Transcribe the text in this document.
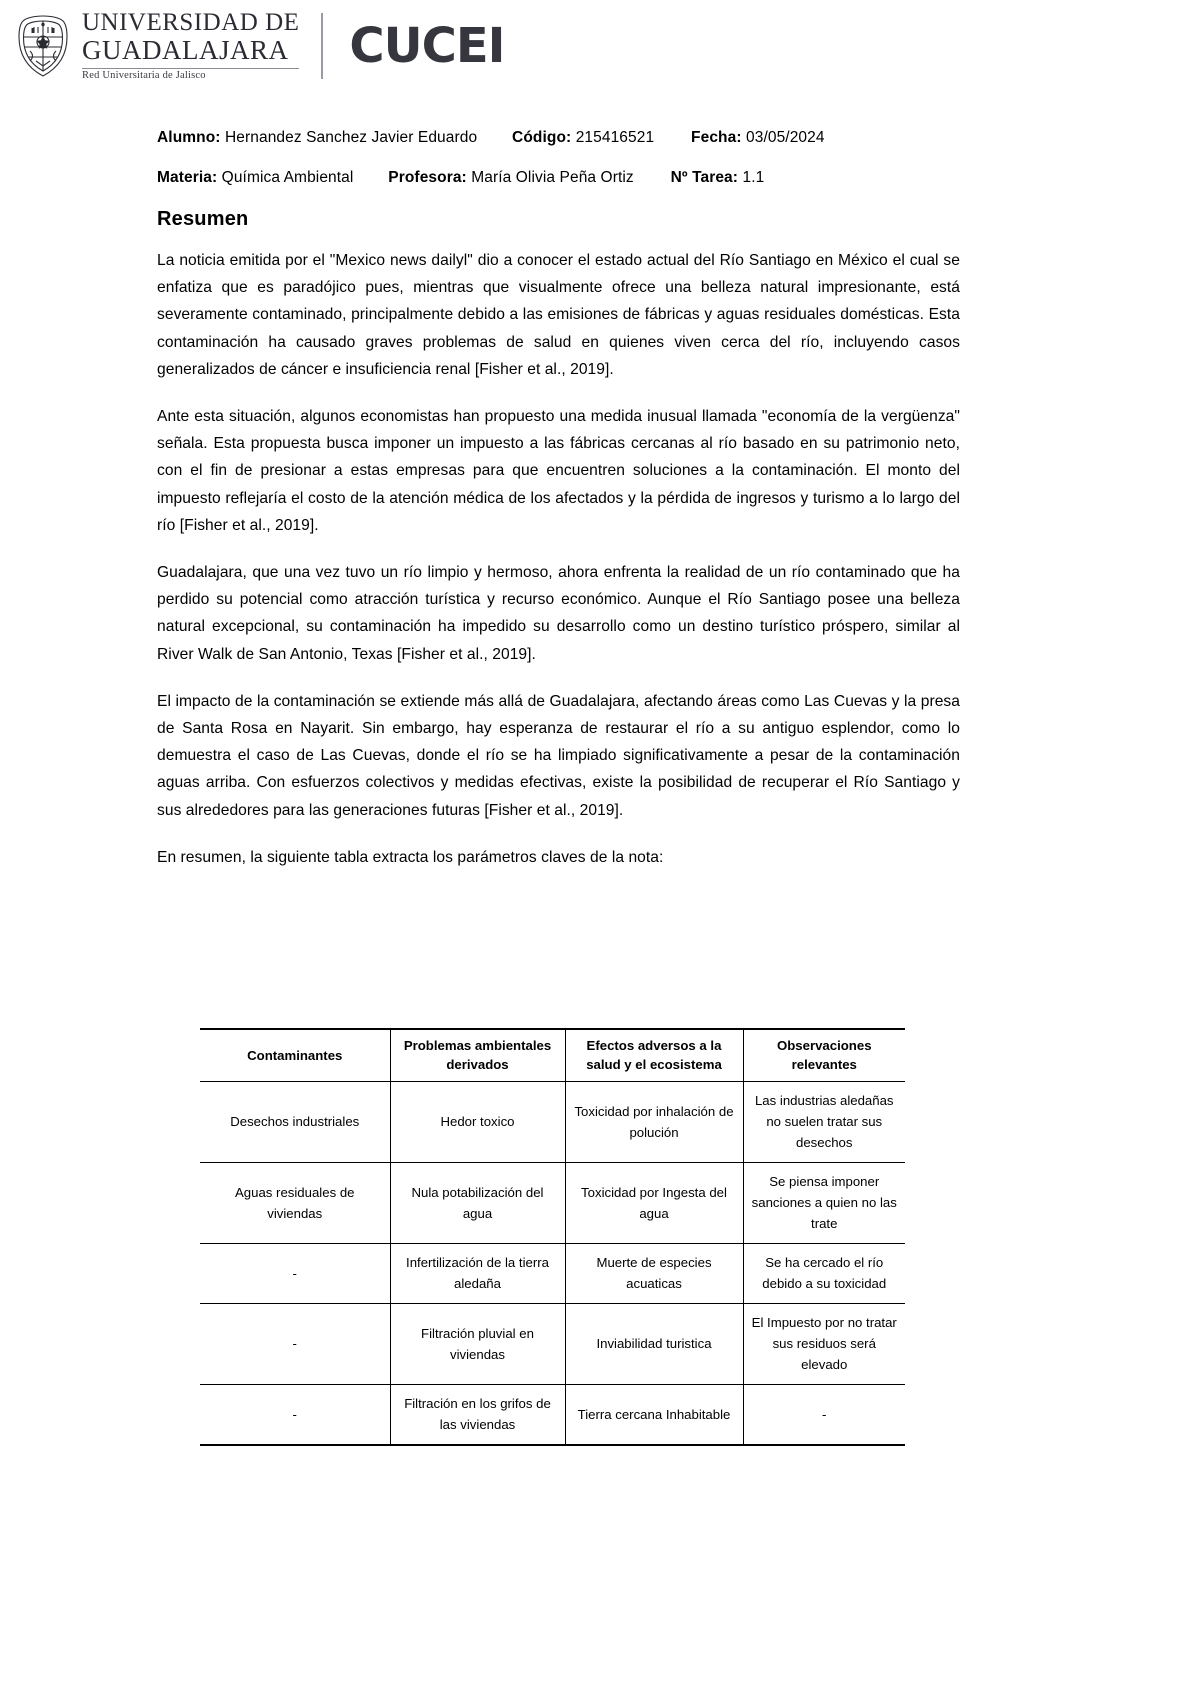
UNIVERSIDAD DE
GUADALAJARA
Red Universitaria de Jalisco
CUCEI
Alumno: Hernandez Sanchez Javier Eduardo Código: 215416521 Fecha: 03/05/2024
Materia: Química Ambiental Profesora: María Olivia Peña Ortiz Nº Tarea: 1.1
Resumen

La noticia emitida por el "Mexico news dailyl" dio a conocer el estado actual del Río Santiago en México el cual se enfatiza que es paradójico pues, mientras que visualmente ofrece una belleza natural impresionante, está severamente contaminado, principalmente debido a las emisiones de fábricas y aguas residuales domésticas. Esta contaminación ha causado graves problemas de salud en quienes viven cerca del río, incluyendo casos generalizados de cáncer e insuficiencia renal [Fisher et al., 2019].

Ante esta situación, algunos economistas han propuesto una medida inusual llamada "economía de la vergüenza" señala. Esta propuesta busca imponer un impuesto a las fábricas cercanas al río basado en su patrimonio neto, con el fin de presionar a estas empresas para que encuentren soluciones a la contaminación. El monto del impuesto reflejaría el costo de la atención médica de los afectados y la pérdida de ingresos y turismo a lo largo del río [Fisher et al., 2019].

Guadalajara, que una vez tuvo un río limpio y hermoso, ahora enfrenta la realidad de un río contaminado que ha perdido su potencial como atracción turística y recurso económico. Aunque el Río Santiago posee una belleza natural excepcional, su contaminación ha impedido su desarrollo como un destino turístico próspero, similar al River Walk de San Antonio, Texas [Fisher et al., 2019].

El impacto de la contaminación se extiende más allá de Guadalajara, afectando áreas como Las Cuevas y la presa de Santa Rosa en Nayarit. Sin embargo, hay esperanza de restaurar el río a su antiguo esplendor, como lo demuestra el caso de Las Cuevas, donde el río se ha limpiado significativamente a pesar de la contaminación aguas arriba. Con esfuerzos colectivos y medidas efectivas, existe la posibilidad de recuperar el Río Santiago y sus alrededores para las generaciones futuras [Fisher et al., 2019].

En resumen, la siguiente tabla extracta los parámetros claves de la nota:

Contaminantes	Problemas ambientales derivados	Efectos adversos a la salud y el ecosistema	Observaciones relevantes
Desechos industriales	Hedor toxico	Toxicidad por inhalación de polución	Las industrias aledañas no suelen tratar sus desechos
Aguas residuales de viviendas	Nula potabilización del agua	Toxicidad por Ingesta del agua	Se piensa imponer sanciones a quien no las trate
-	Infertilización de la tierra aledaña	Muerte de especies acuaticas	Se ha cercado el río debido a su toxicidad
-	Filtración pluvial en viviendas	Inviabilidad turistica	El Impuesto por no tratar sus residuos será elevado
-	Filtración en los grifos de las viviendas	Tierra cercana Inhabitable	-
